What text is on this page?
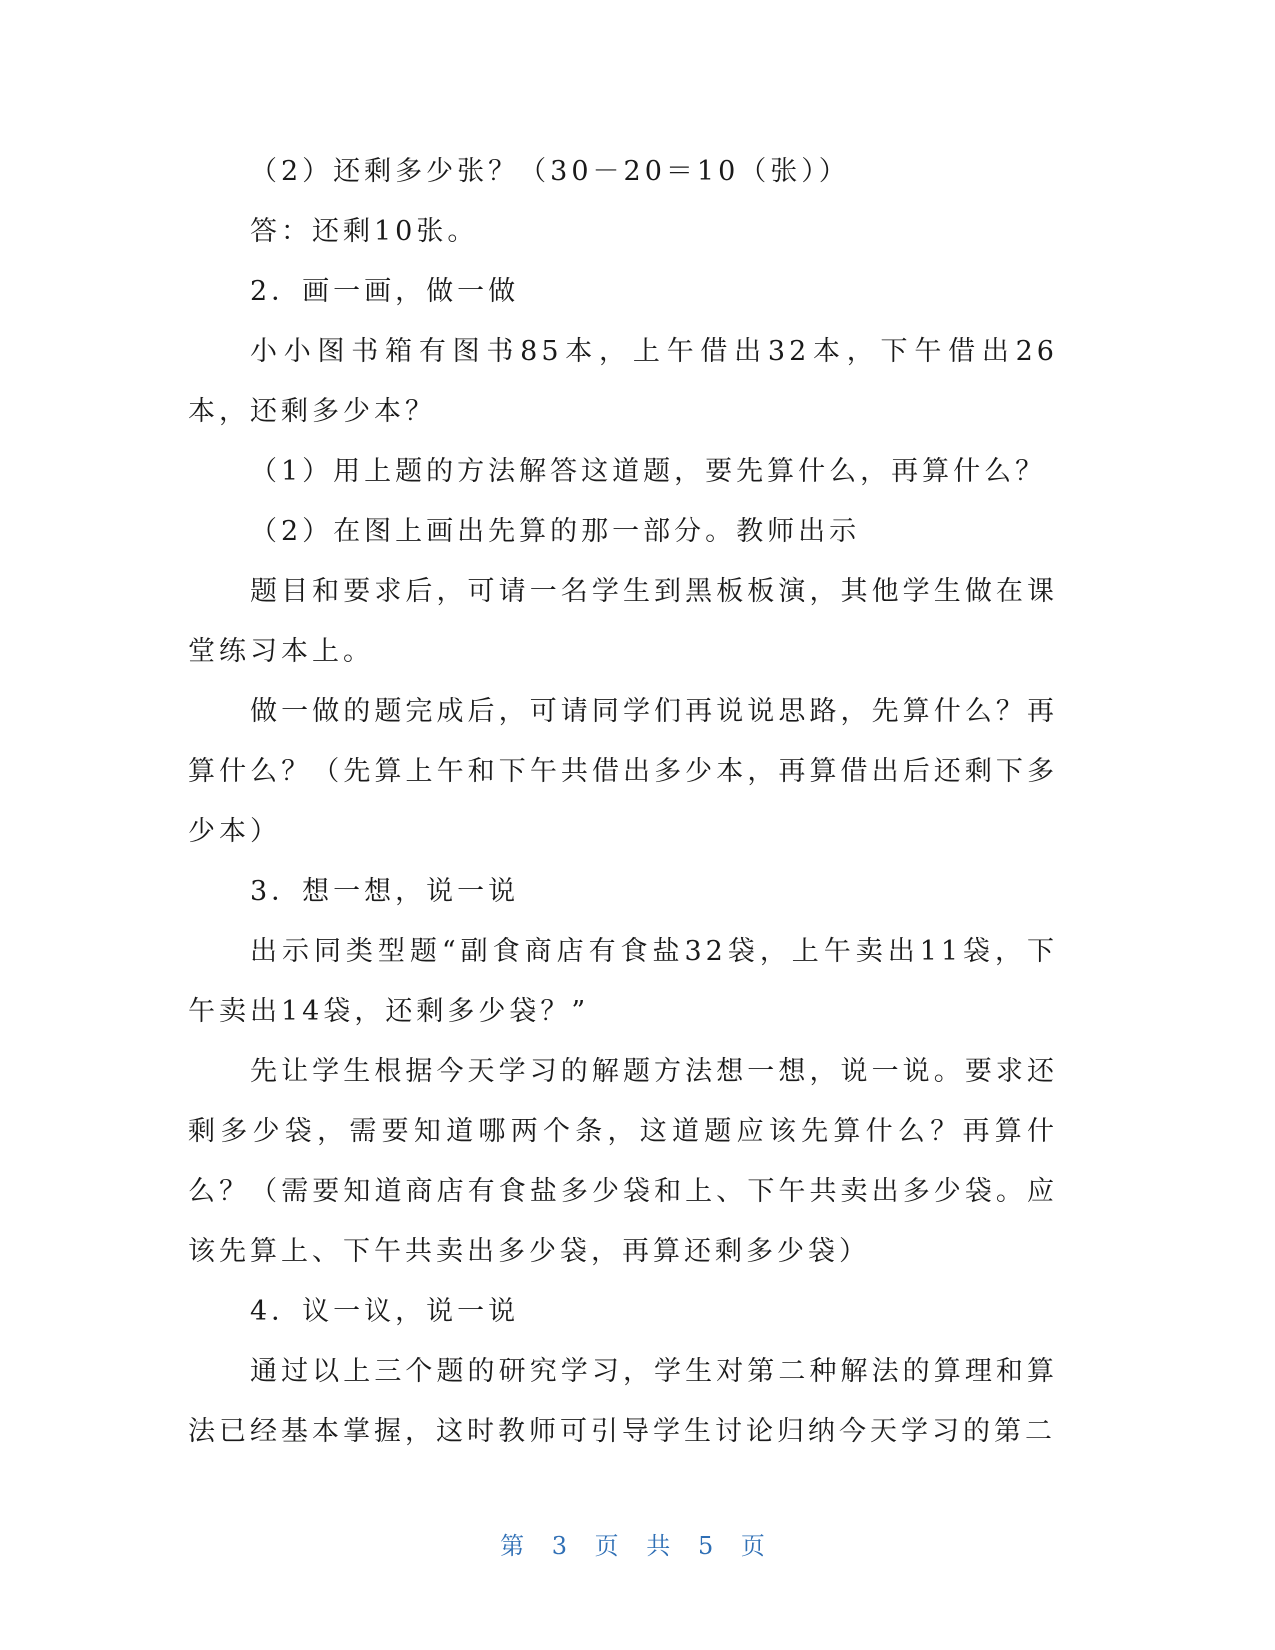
（2）还剩多少张？（30－20＝10（张））

答：还剩10张。

2．画一画，做一做

小小图书箱有图书85本，上午借出32本，下午借出26本，还剩多少本？

（1）用上题的方法解答这道题，要先算什么，再算什么？

（2）在图上画出先算的那一部分。教师出示

题目和要求后，可请一名学生到黑板板演，其他学生做在课堂练习本上。

做一做的题完成后，可请同学们再说说思路，先算什么？再算什么？（先算上午和下午共借出多少本，再算借出后还剩下多少本）

3．想一想，说一说

出示同类型题“副食商店有食盐32袋，上午卖出11袋，下午卖出14袋，还剩多少袋？”

先让学生根据今天学习的解题方法想一想，说一说。要求还剩多少袋，需要知道哪两个条，这道题应该先算什么？再算什么？（需要知道商店有食盐多少袋和上、下午共卖出多少袋。应该先算上、下午共卖出多少袋，再算还剩多少袋）

4．议一议，说一说

通过以上三个题的研究学习，学生对第二种解法的算理和算法已经基本掌握，这时教师可引导学生讨论归纳今天学习的第二

第 3 页 共 5 页
